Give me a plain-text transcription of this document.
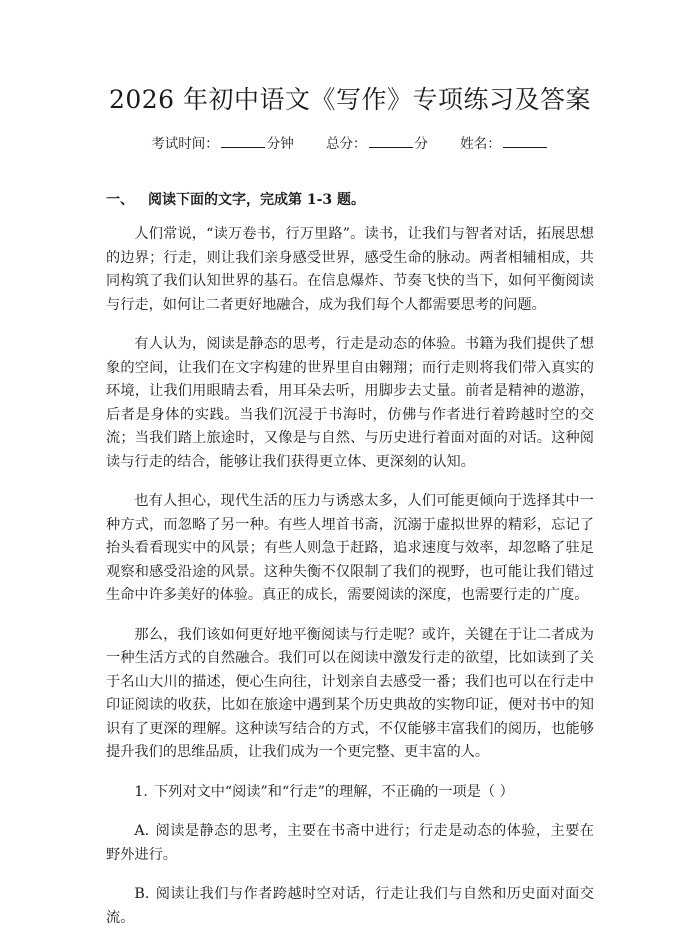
2026 年初中语文《写作》专项练习及答案
考试时间：	分钟 总分：	分 姓名：
一、 阅读下面的文字，完成第 1-3 题。

人们常说，“读万卷书，行万里路”。读书，让我们与智者对话，拓展思想的边界；行走，则让我们亲身感受世界，感受生命的脉动。两者相辅相成，共同构筑了我们认知世界的基石。在信息爆炸、节奏飞快的当下，如何平衡阅读与行走，如何让二者更好地融合，成为我们每个人都需要思考的问题。

有人认为，阅读是静态的思考，行走是动态的体验。书籍为我们提供了想象的空间，让我们在文字构建的世界里自由翱翔；而行走则将我们带入真实的环境，让我们用眼睛去看，用耳朵去听，用脚步去丈量。前者是精神的遨游，后者是身体的实践。当我们沉浸于书海时，仿佛与作者进行着跨越时空的交流；当我们踏上旅途时，又像是与自然、与历史进行着面对面的对话。这种阅读与行走的结合，能够让我们获得更立体、更深刻的认知。

也有人担心，现代生活的压力与诱惑太多，人们可能更倾向于选择其中一种方式，而忽略了另一种。有些人埋首书斋，沉溺于虚拟世界的精彩，忘记了抬头看看现实中的风景；有些人则急于赶路，追求速度与效率，却忽略了驻足观察和感受沿途的风景。这种失衡不仅限制了我们的视野，也可能让我们错过生命中许多美好的体验。真正的成长，需要阅读的深度，也需要行走的广度。

那么，我们该如何更好地平衡阅读与行走呢？或许，关键在于让二者成为一种生活方式的自然融合。我们可以在阅读中激发行走的欲望，比如读到了关于名山大川的描述，便心生向往，计划亲自去感受一番；我们也可以在行走中印证阅读的收获，比如在旅途中遇到某个历史典故的实物印证，便对书中的知识有了更深的理解。这种读写结合的方式，不仅能够丰富我们的阅历，也能够提升我们的思维品质，让我们成为一个更完整、更丰富的人。

1. 下列对文中“阅读”和“行走”的理解，不正确的一项是（ ）

A. 阅读是静态的思考，主要在书斋中进行；行走是动态的体验，主要在野外进行。

B. 阅读让我们与作者跨越时空对话，行走让我们与自然和历史面对面交流。
